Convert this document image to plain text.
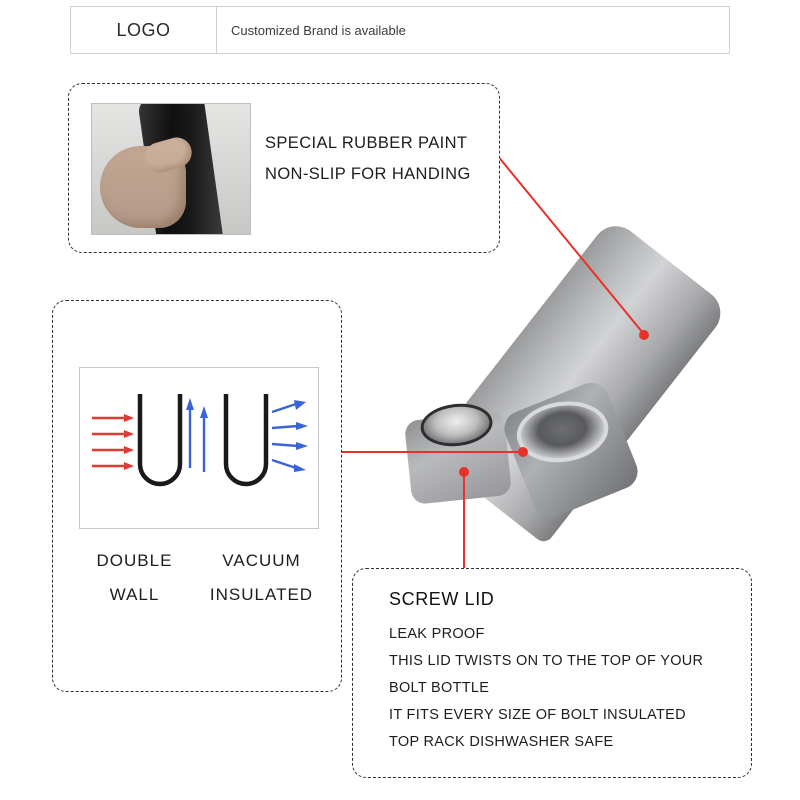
LOGO	Customized Brand is available
SPECIAL RUBBER PAINT
NON-SLIP FOR HANDING
DOUBLE
WALL
VACUUM
INSULATED	SCREW LID
LEAK PROOF
THIS LID TWISTS ON TO THE TOP OF YOUR
BOLT BOTTLE
IT FITS EVERY SIZE OF BOLT INSULATED
TOP RACK DISHWASHER SAFE
